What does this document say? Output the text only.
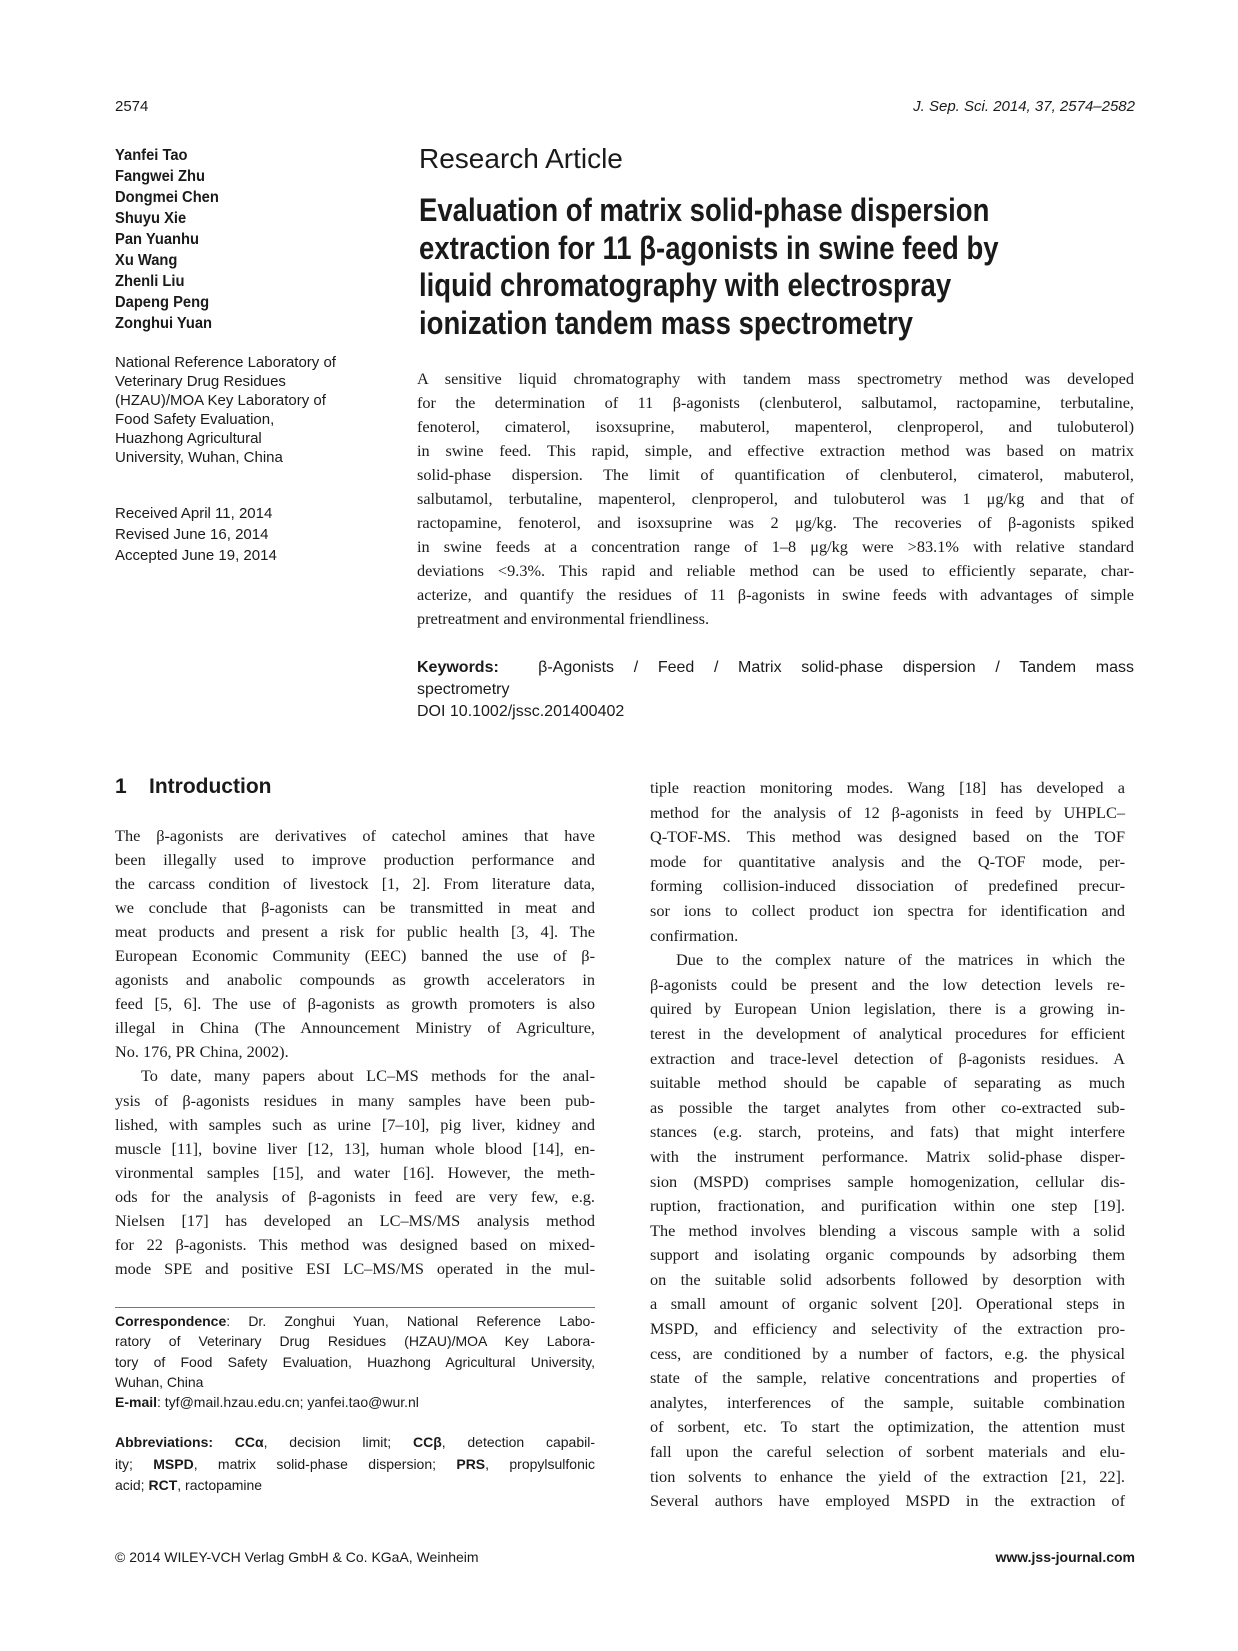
2574	J. Sep. Sci. 2014, 37, 2574–2582
Yanfei Tao
Fangwei Zhu
Dongmei Chen
Shuyu Xie
Pan Yuanhu
Xu Wang
Zhenli Liu
Dapeng Peng
Zonghui Yuan
National Reference Laboratory of
Veterinary Drug Residues
(HZAU)/MOA Key Laboratory of
Food Safety Evaluation,
Huazhong Agricultural
University, Wuhan, China
Received April 11, 2014
Revised June 16, 2014
Accepted June 19, 2014
Research Article
Evaluation of matrix solid-phase dispersion
extraction for 11 β-agonists in swine feed by
liquid chromatography with electrospray
ionization tandem mass spectrometry
A sensitive liquid chromatography with tandem mass spectrometry method was developed
for the determination of 11 β-agonists (clenbuterol, salbutamol, ractopamine, terbutaline,
fenoterol, cimaterol, isoxsuprine, mabuterol, mapenterol, clenproperol, and tulobuterol)
in swine feed. This rapid, simple, and effective extraction method was based on matrix
solid-phase dispersion. The limit of quantification of clenbuterol, cimaterol, mabuterol,
salbutamol, terbutaline, mapenterol, clenproperol, and tulobuterol was 1 μg/kg and that of
ractopamine, fenoterol, and isoxsuprine was 2 μg/kg. The recoveries of β-agonists spiked
in swine feeds at a concentration range of 1–8 μg/kg were >83.1% with relative standard
deviations <9.3%. This rapid and reliable method can be used to efficiently separate, char-
acterize, and quantify the residues of 11 β-agonists in swine feeds with advantages of simple
pretreatment and environmental friendliness.
Keywords: β-Agonists / Feed / Matrix solid-phase dispersion / Tandem mass
spectrometry
DOI 10.1002/jssc.201400402
1 Introduction
The β-agonists are derivatives of catechol amines that have
been illegally used to improve production performance and
the carcass condition of livestock [1, 2]. From literature data,
we conclude that β-agonists can be transmitted in meat and
meat products and present a risk for public health [3, 4]. The
European Economic Community (EEC) banned the use of β-
agonists and anabolic compounds as growth accelerators in
feed [5, 6]. The use of β-agonists as growth promoters is also
illegal in China (The Announcement Ministry of Agriculture,
No. 176, PR China, 2002).
To date, many papers about LC–MS methods for the anal-
ysis of β-agonists residues in many samples have been pub-
lished, with samples such as urine [7–10], pig liver, kidney and
muscle [11], bovine liver [12, 13], human whole blood [14], en-
vironmental samples [15], and water [16]. However, the meth-
ods for the analysis of β-agonists in feed are very few, e.g.
Nielsen [17] has developed an LC–MS/MS analysis method
for 22 β-agonists. This method was designed based on mixed-
mode SPE and positive ESI LC–MS/MS operated in the mul-
tiple reaction monitoring modes. Wang [18] has developed a
method for the analysis of 12 β-agonists in feed by UHPLC–
Q-TOF-MS. This method was designed based on the TOF
mode for quantitative analysis and the Q-TOF mode, per-
forming collision-induced dissociation of predefined precur-
sor ions to collect product ion spectra for identification and
confirmation.
Due to the complex nature of the matrices in which the
β-agonists could be present and the low detection levels re-
quired by European Union legislation, there is a growing in-
terest in the development of analytical procedures for efficient
extraction and trace-level detection of β-agonists residues. A
suitable method should be capable of separating as much
as possible the target analytes from other co-extracted sub-
stances (e.g. starch, proteins, and fats) that might interfere
with the instrument performance. Matrix solid-phase disper-
sion (MSPD) comprises sample homogenization, cellular dis-
ruption, fractionation, and purification within one step [19].
The method involves blending a viscous sample with a solid
support and isolating organic compounds by adsorbing them
on the suitable solid adsorbents followed by desorption with
a small amount of organic solvent [20]. Operational steps in
MSPD, and efficiency and selectivity of the extraction pro-
cess, are conditioned by a number of factors, e.g. the physical
state of the sample, relative concentrations and properties of
analytes, interferences of the sample, suitable combination
of sorbent, etc. To start the optimization, the attention must
fall upon the careful selection of sorbent materials and elu-
tion solvents to enhance the yield of the extraction [21, 22].
Several authors have employed MSPD in the extraction of
Correspondence: Dr. Zonghui Yuan, National Reference Labo-
ratory of Veterinary Drug Residues (HZAU)/MOA Key Labora-
tory of Food Safety Evaluation, Huazhong Agricultural University,
Wuhan, China
E-mail: tyf@mail.hzau.edu.cn; yanfei.tao@wur.nl
Abbreviations: CCα, decision limit; CCβ, detection capabil-
ity; MSPD, matrix solid-phase dispersion; PRS, propylsulfonic
acid; RCT, ractopamine
© 2014 WILEY-VCH Verlag GmbH & Co. KGaA, Weinheim	www.jss-journal.com
